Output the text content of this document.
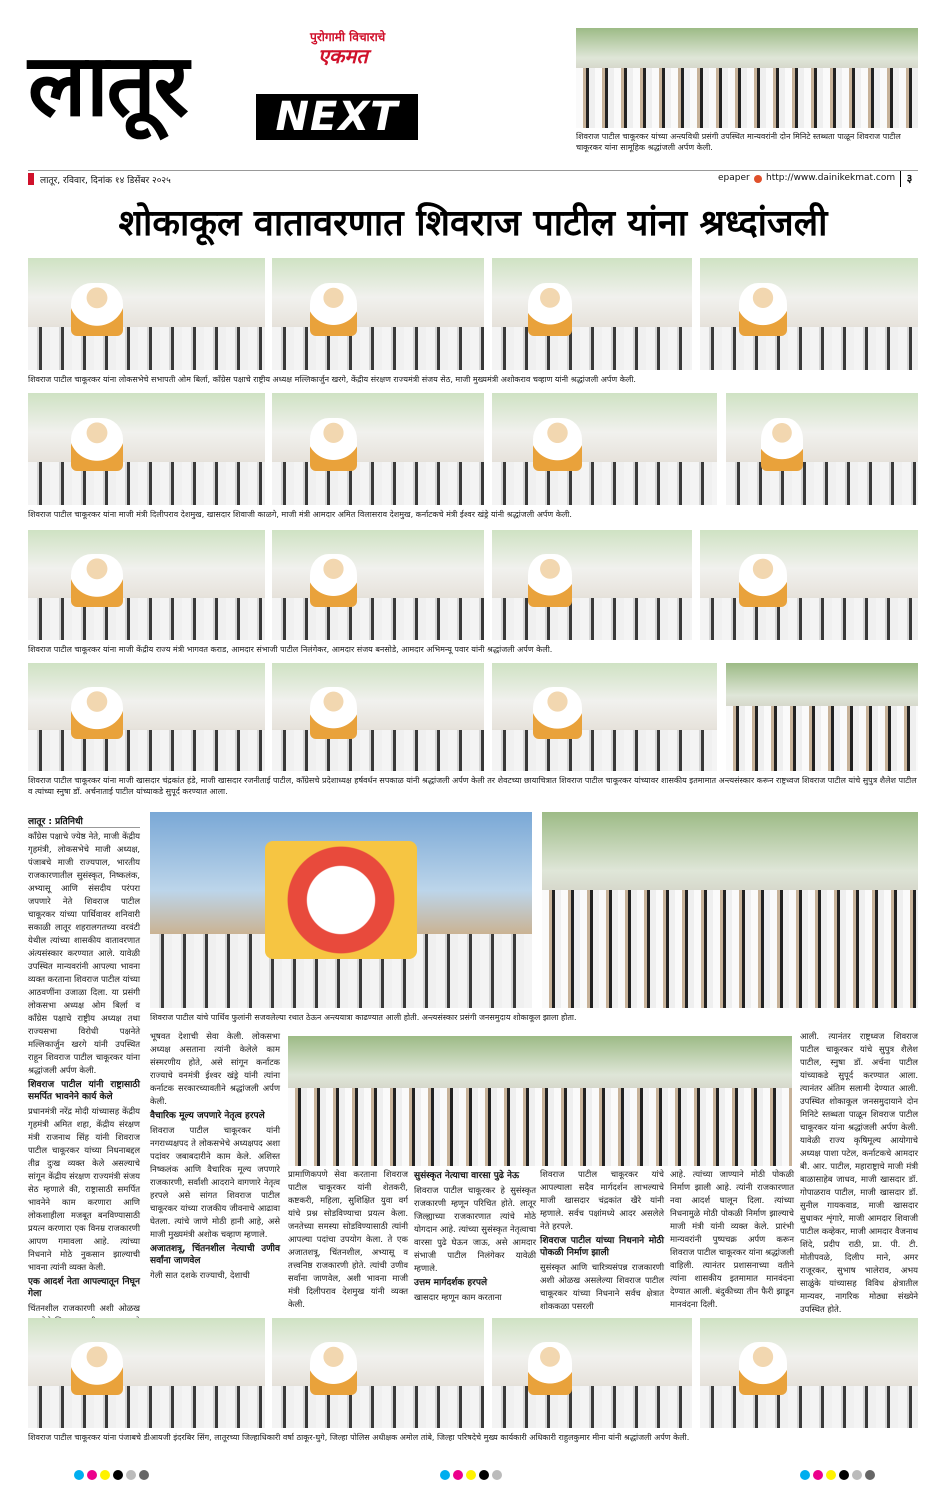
लातूर	पुरोगामी विचाराचे
एकमत
NEXT	शिवराज पाटील चाकूरकर यांच्या अन्त्यविधी प्रसंगी उपस्थित मान्यवरांनी दोन मिनिटे स्तब्धता पाळून शिवराज पाटील चाकूरकर यांना सामूहिक श्रद्धांजली अर्पण केली.
लातूर, रविवार, दिनांक १४ डिसेंबर २०२५	epaper http://www.dainikekmat.com	३
शोकाकूल वातावरणात शिवराज पाटील यांना श्रध्दांजली
शिवराज पाटील चाकूरकर यांना लोकसभेचे सभापती ओम बिर्ला, काँग्रेस पक्षाचे राष्ट्रीय अध्यक्ष मल्लिकार्जुन खरगे, केंद्रीय संरक्षण राज्यमंत्री संजय सेठ, माजी मुख्यमंत्री अशोकराव चव्हाण यांनी श्रद्धांजली अर्पण केली.
शिवराज पाटील चाकूरकर यांना माजी मंत्री दिलीपराव देशमुख, खासदार शिवाजी काळगे, माजी मंत्री आमदार अमित विलासराव देशमुख, कर्नाटकचे मंत्री ईश्वर खंड्रे यांनी श्रद्धांजली अर्पण केली.
शिवराज पाटील चाकूरकर यांना माजी केंद्रीय राज्य मंत्री भागवत कराड, आमदार संभाजी पाटील निलंगेकर, आमदार संजय बनसोडे, आमदार अभिमन्यू पवार यांनी श्रद्धांजली अर्पण केली.
शिवराज पाटील चाकूरकर यांना माजी खासदार चंद्रकांत हंडे, माजी खासदार रजनीताई पाटील, काँग्रेसचे प्रदेशाध्यक्ष हर्षवर्धन सपकाळ यांनी श्रद्धांजली अर्पण केली तर शेवटच्या छायाचित्रात शिवराज पाटील चाकूरकर यांच्यावर शासकीय इतमामात अन्त्यसंस्कार करून राष्ट्रध्वज शिवराज पाटील यांचे सुपुत्र शैलेश पाटील व त्यांच्या स्नुषा डॉ. अर्चनाताई पाटील यांच्याकडे सुपूर्द करण्यात आला.
लातूर : प्रतिनिधी

काँग्रेस पक्षाचे ज्येष्ठ नेते, माजी केंद्रीय गृहमंत्री, लोकसभेचे माजी अध्यक्ष, पंजाबचे माजी राज्यपाल, भारतीय राजकारणातील सुसंस्कृत, निष्कलंक, अभ्यासू आणि संसदीय परंपरा जपणारे नेते शिवराज पाटील चाकूरकर यांच्या पार्थिवावर शनिवारी सकाळी लातूर शहरालगतच्या वरवंटी येथील त्यांच्या शासकीय वातावरणात अंत्यसंस्कार करण्यात आले. यावेळी उपस्थित मान्यवरांनी आपल्या भावना व्यक्त करताना शिवराज पाटील यांच्या आठवणींना उजाळा दिला. या प्रसंगी लोकसभा अध्यक्ष ओम बिर्ला व काँग्रेस पक्षाचे राष्ट्रीय अध्यक्ष तथा राज्यसभा विरोधी पक्षनेते मल्लिकार्जुन खरगे यांनी उपस्थित राहून शिवराज पाटील चाकूरकर यांना श्रद्धांजली अर्पण केली.

शिवराज पाटील यांनी राष्ट्रासाठी समर्पित भावनेने कार्य केले

प्रधानमंत्री नरेंद्र मोदी यांच्यासह केंद्रीय गृहमंत्री अमित शहा, केंद्रीय संरक्षण मंत्री राजनाथ सिंह यांनी शिवराज पाटील चाकूरकर यांच्या निधनाबद्दल तीव्र दुःख व्यक्त केले असल्याचे सांगून केंद्रीय संरक्षण राज्यमंत्री संजय सेठ म्हणाले की, राष्ट्रासाठी समर्पित भावनेने काम करणारा आणि लोकशाहीला मजबूत बनविण्यासाठी प्रयत्न करणारा एक विनम्र राजकारणी आपण गमावला आहे. त्यांच्या निधनाने मोठे नुकसान झाल्याची भावना त्यांनी व्यक्त केली.

एक आदर्श नेता आपल्यातून निघून गेला

चिंतनशील राजकारणी अशी ओळख

शिवराज पाटील यांचे पार्थिव फुलांनी सजवलेल्या रथात ठेऊन अन्त्ययात्रा काढण्यात आली होती. अन्त्यसंस्कार प्रसंगी जनसमुदाय शोकाकूल झाला होता.

भूषवत देशाची सेवा केली. लोकसभा अध्यक्ष असताना त्यांनी केलेले काम संस्मरणीय होते, असे सांगून कर्नाटक राज्याचे वनमंत्री ईश्वर खंड्रे यांनी त्यांना कर्नाटक सरकारच्यावतीने श्रद्धांजली अर्पण केली.

वैचारिक मूल्य जपणारे नेतृत्व हरपले

शिवराज पाटील चाकूरकर यांनी नगराध्यक्षपद ते लोकसभेचे अध्यक्षपद अशा पदांवर जबाबदारीने काम केले. अशिस्त निष्कलंक आणि वैचारिक मूल्य जपणारे राजकारणी, सर्वांशी आदराने वागणारे नेतृत्व हरपले असे सांगत शिवराज पाटील चाकूरकर यांच्या राजकीय जीवनाचे आढावा घेतला. त्यांचे जाणे मोठी हानी आहे, असे माजी मुख्यमंत्री अशोक चव्हाण म्हणाले.

अजातशत्रू, चिंतनशील नेत्याची उणीव सर्वांना जाणवेल

गेली सात दशके राज्याची, देशाची

आली. त्यानंतर राष्ट्रध्वज शिवराज पाटील चाकूरकर यांचे सुपुत्र शैलेश पाटील, स्नुषा डॉ. अर्चना पाटील यांच्याकडे सुपूर्द करण्यात आला. त्यानंतर अंतिम सलामी देण्यात आली. उपस्थित शोकाकूल जनसमुदायाने दोन मिनिटे स्तब्धता पाळून शिवराज पाटील चाकूरकर यांना श्रद्धांजली अर्पण केली. यावेळी राज्य कृषिमूल्य आयोगाचे अध्यक्ष पाशा पटेल, कर्नाटकचे आमदार बी. आर. पाटील, महाराष्ट्राचे माजी मंत्री बाळासाहेब जाधव, माजी खासदार डॉ. गोपाळराव पाटील, माजी खासदार डॉ. सुनील गायकवाड, माजी खासदार सुधाकर शृंगारे, माजी आमदार शिवाजी पाटील कव्हेकर, माजी आमदार वैजनाथ शिंदे, प्रदीप राठी, प्रा. पी. टी. मोतीपवळे, दिलीप माने, अमर राजूरकर, सुभाष भालेराव, अभय साळुंके यांच्यासह विविध क्षेत्रातील मान्यवर, नागरिक मोठ्या संख्येने उपस्थित होते.

प्रामाणिकपणे सेवा करताना शिवराज पाटील चाकूरकर यांनी शेतकरी, कष्टकरी, महिला, सुशिक्षित युवा वर्ग यांचे प्रश्न सोडविण्याचा प्रयत्न केला. जनतेच्या समस्या सोडविण्यासाठी त्यांनी आपल्या पदांचा उपयोग केला. ते एक अजातशत्रू, चिंतनशील, अभ्यासू व तत्त्वनिष्ठ राजकारणी होते. त्यांची उणीव सर्वांना जाणवेल, अशी भावना माजी मंत्री दिलीपराव देशमुख यांनी व्यक्त केली.

सुसंस्कृत नेत्याचा वारसा पुढे नेऊ

शिवराज पाटील चाकूरकर हे सुसंस्कृत राजकारणी म्हणून परिचित होते. लातूर जिल्ह्याच्या राजकारणात त्यांचे मोठे योगदान आहे. त्यांच्या सुसंस्कृत नेतृत्वाचा वारसा पुढे घेऊन जाऊ, असे आमदार संभाजी पाटील निलंगेकर यावेळी म्हणाले.

उत्तम मार्गदर्शक हरपले

खासदार म्हणून काम करताना

शिवराज पाटील चाकूरकर यांचे आपल्याला सदैव मार्गदर्शन लाभल्याचे माजी खासदार चंद्रकांत खैरे यांनी म्हणाले. सर्वच पक्षांमध्ये आदर असलेले नेते हरपले.

शिवराज पाटील यांच्या निधनाने मोठी पोकळी निर्माण झाली

सुसंस्कृत आणि चारित्र्यसंपन्न राजकारणी अशी ओळख असलेल्या शिवराज पाटील चाकूरकर यांच्या निधनाने सर्वच क्षेत्रात शोककळा पसरली

आहे. त्यांच्या जाण्याने मोठी पोकळी निर्माण झाली आहे. त्यांनी राजकारणात नवा आदर्श घालून दिला. त्यांच्या निधनामुळे मोठी पोकळी निर्माण झाल्याचे माजी मंत्री यांनी व्यक्त केले. प्रारंभी मान्यवरांनी पुष्पचक्र अर्पण करून शिवराज पाटील चाकूरकर यांना श्रद्धांजली वाहिली. त्यानंतर प्रशासनाच्या वतीने त्यांना शासकीय इतमामात मानवंदना देण्यात आली. बंदुकीच्या तीन फैरी झाडून मानवंदना दिली.

शिवराज पाटील चाकूरकर यांना पंजाबचे डीआयजी इंदरबिर सिंग, लातूरच्या जिल्हाधिकारी वर्षा ठाकूर-घुगे, जिल्हा पोलिस अधीक्षक अमोल तांबे, जिल्हा परिषदेचे मुख्य कार्यकारी अधिकारी राहुलकुमार मीना यांनी श्रद्धांजली अर्पण केली.
